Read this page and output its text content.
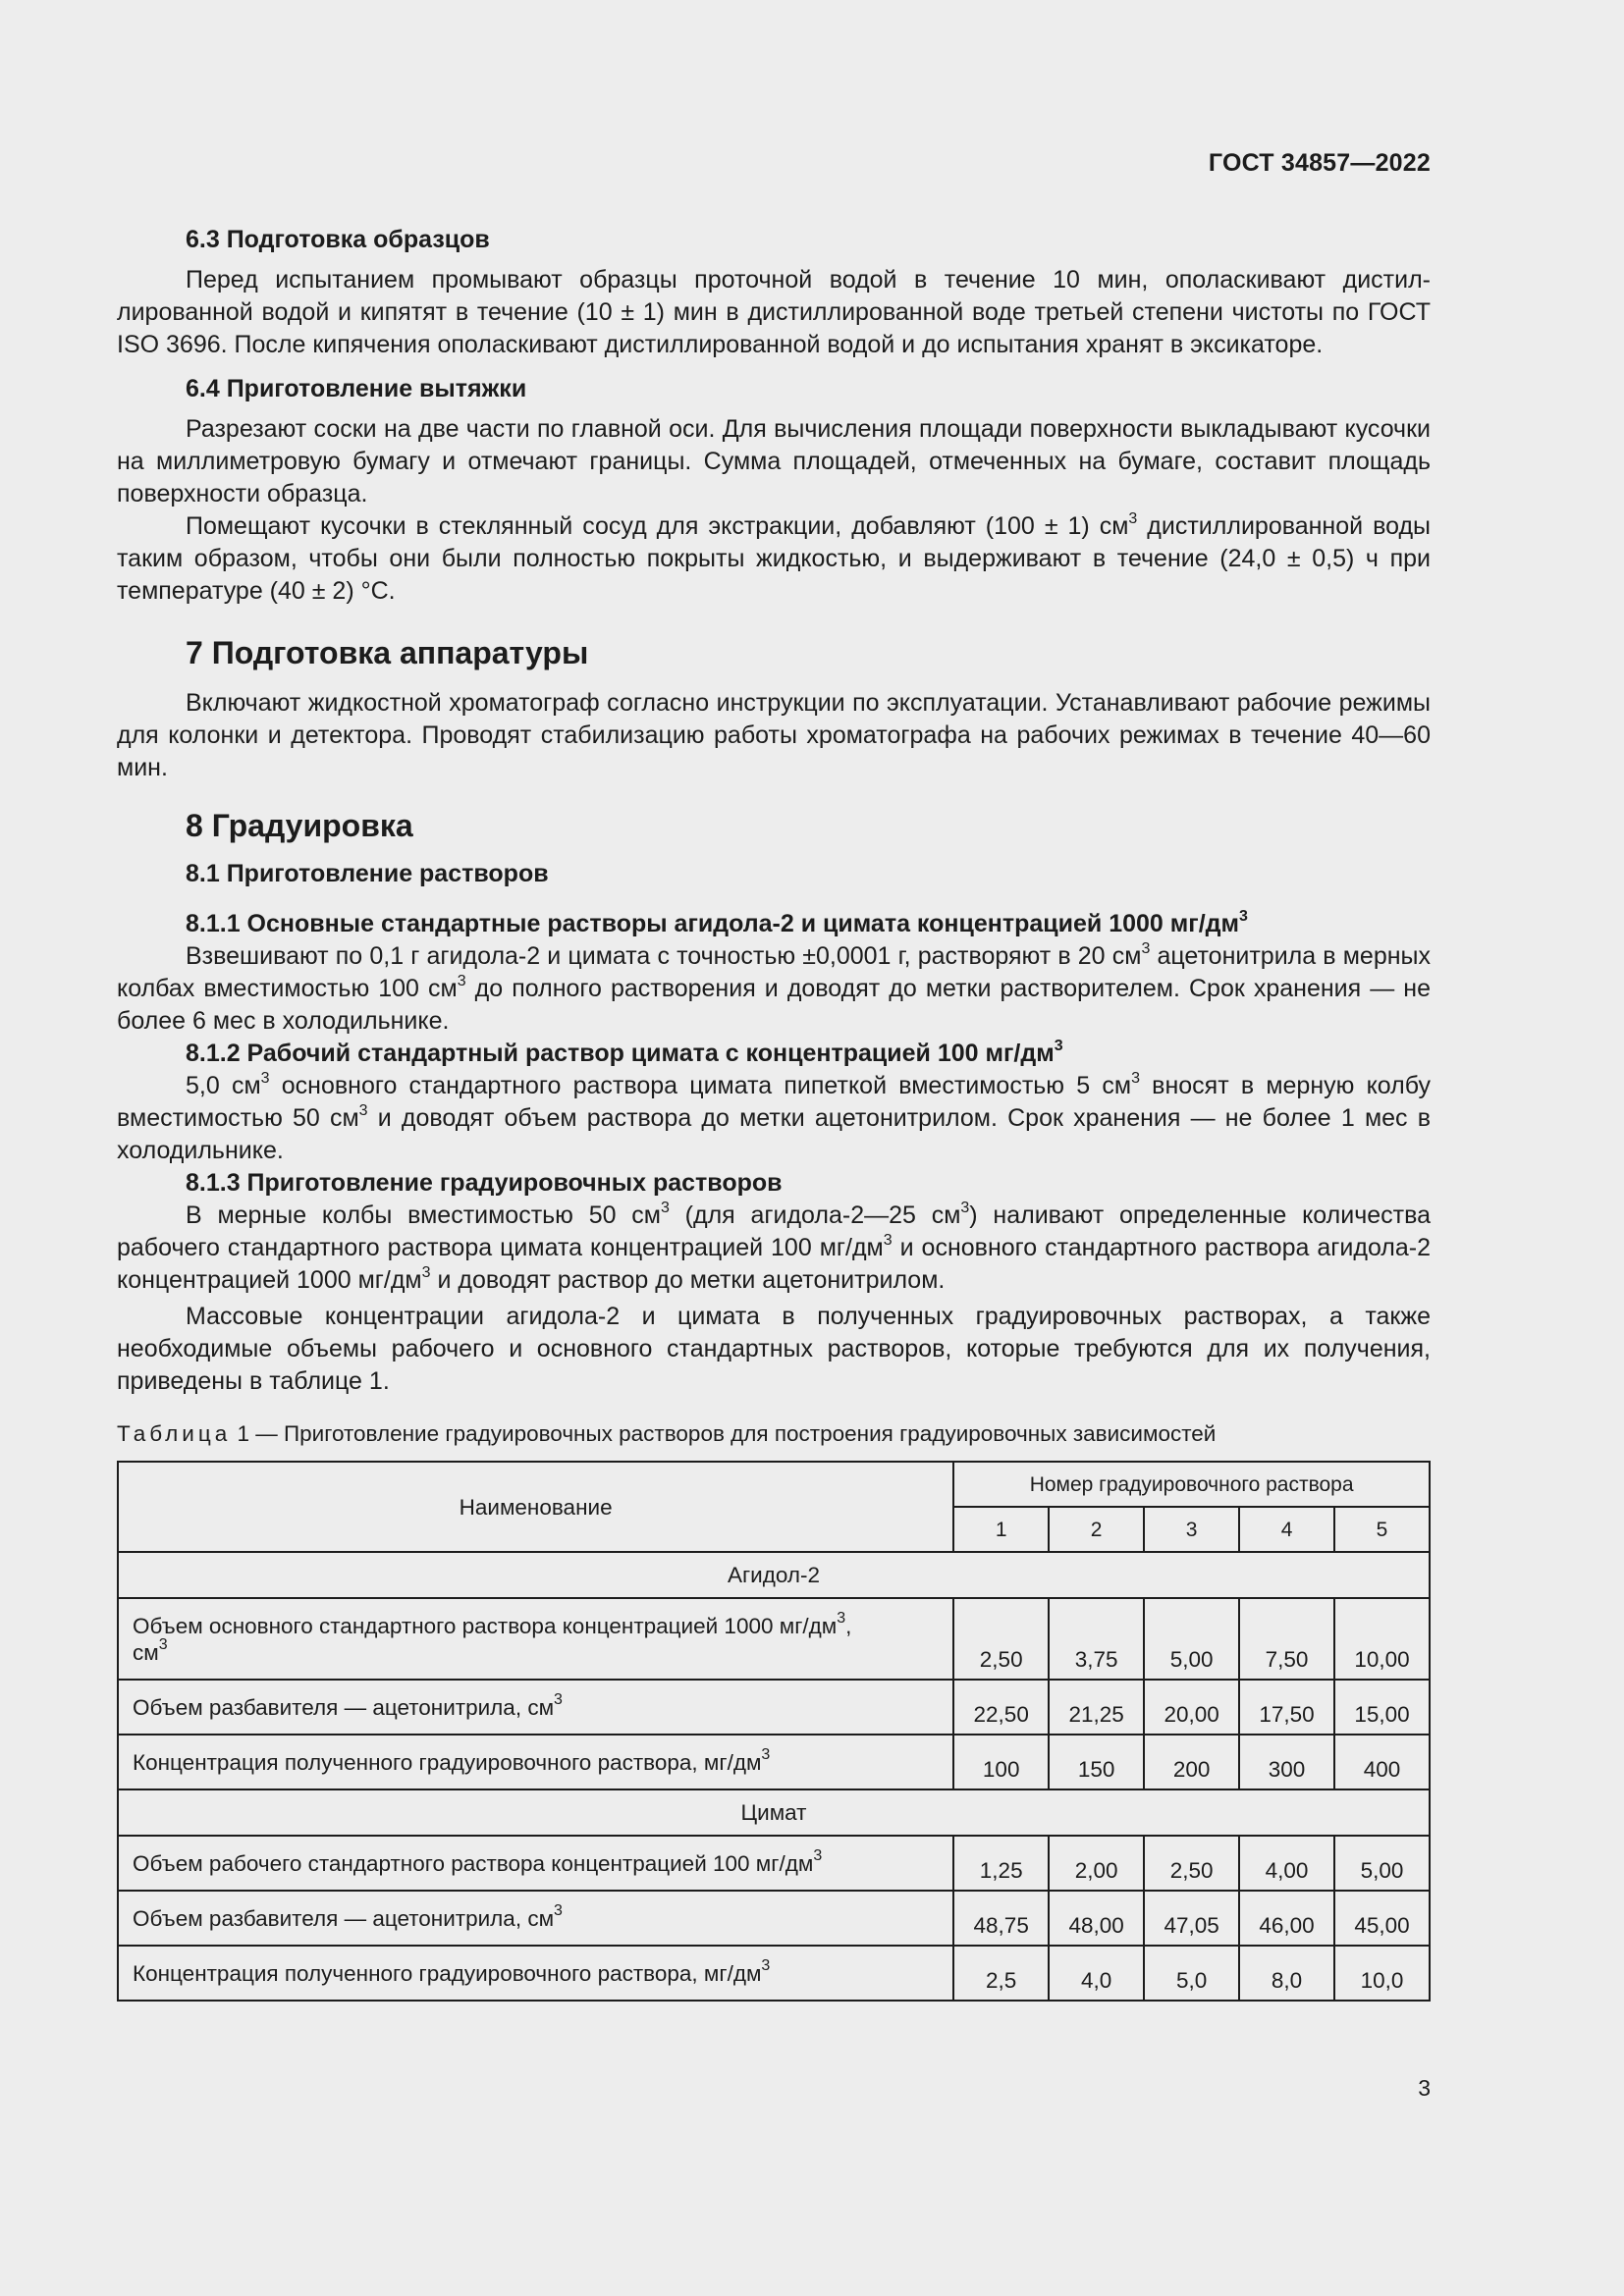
ГОСТ 34857—2022

6.3 Подготовка образцов

Перед испытанием промывают образцы проточной водой в течение 10 мин, ополаскивают дистиллированной водой и кипятят в течение (10 ± 1) мин в дистиллированной воде третьей степени чистоты по ГОСТ ISO 3696. После кипячения ополаскивают дистиллированной водой и до испытания хранят в эксикаторе.

6.4 Приготовление вытяжки

Разрезают соски на две части по главной оси. Для вычисления площади поверхности выкладывают кусочки на миллиметровую бумагу и отмечают границы. Сумма площадей, отмеченных на бумаге, составит площадь поверхности образца.

Помещают кусочки в стеклянный сосуд для экстракции, добавляют (100 ± 1) $см^3$ дистиллированной воды таким образом, чтобы они были полностью покрыты жидкостью, и выдерживают в течение (24,0 ± 0,5) ч при температуре (40 ± 2) °С.

7 Подготовка аппаратуры

Включают жидкостной хроматограф согласно инструкции по эксплуатации. Устанавливают рабочие режимы для колонки и детектора. Проводят стабилизацию работы хроматографа на рабочих режимах в течение 40—60 мин.

8 Градуировка

8.1 Приготовление растворов

8.1.1 Основные стандартные растворы агидола-2 и цимата концентрацией 1000 $мг/дм^3$

Взвешивают по 0,1 г агидола-2 и цимата с точностью ±0,0001 г, растворяют в 20 $см^3$ ацетонитрила в мерных колбах вместимостью 100 $см^3$ до полного растворения и доводят до метки растворителем. Срок хранения — не более 6 мес в холодильнике.

8.1.2 Рабочий стандартный раствор цимата с концентрацией 100 $мг/дм^3$

5,0 $см^3$ основного стандартного раствора цимата пипеткой вместимостью 5 $см^3$ вносят в мерную колбу вместимостью 50 $см^3$ и доводят объем раствора до метки ацетонитрилом. Срок хранения — не более 1 мес в холодильнике.

8.1.3 Приготовление градуировочных растворов

В мерные колбы вместимостью 50 $см^3$ (для агидола-2—25 $см^3$) наливают определенные количества рабочего стандартного раствора цимата концентрацией 100 $мг/дм^3$ и основного стандартного раствора агидола-2 концентрацией 1000 $мг/дм^3$ и доводят раствор до метки ацетонитрилом.

Массовые концентрации агидола-2 и цимата в полученных градуировочных растворах, а также необходимые объемы рабочего и основного стандартных растворов, которые требуются для их получения, приведены в таблице 1.

Таблица 1 — Приготовление градуировочных растворов для построения градуировочных зависимостей
Наименование	Номер градуировочного раствора				
	1	2	3	4	5
Агидол-2					
Объем основного стандартного раствора концентрацией 1000 $мг/дм^3$,
$см^3$	2,50	3,75	5,00	7,50	10,00
Объем разбавителя — ацетонитрила, $см^3$	22,50	21,25	20,00	17,50	15,00
Концентрация полученного градуировочного раствора, $мг/дм^3$	100	150	200	300	400
Цимат					
Объем рабочего стандартного раствора концентрацией 100 $мг/дм^3$	1,25	2,00	2,50	4,00	5,00
Объем разбавителя — ацетонитрила, $см^3$	48,75	48,00	47,05	46,00	45,00
Концентрация полученного градуировочного раствора, $мг/дм^3$	2,5	4,0	5,0	8,0	10,0
3
